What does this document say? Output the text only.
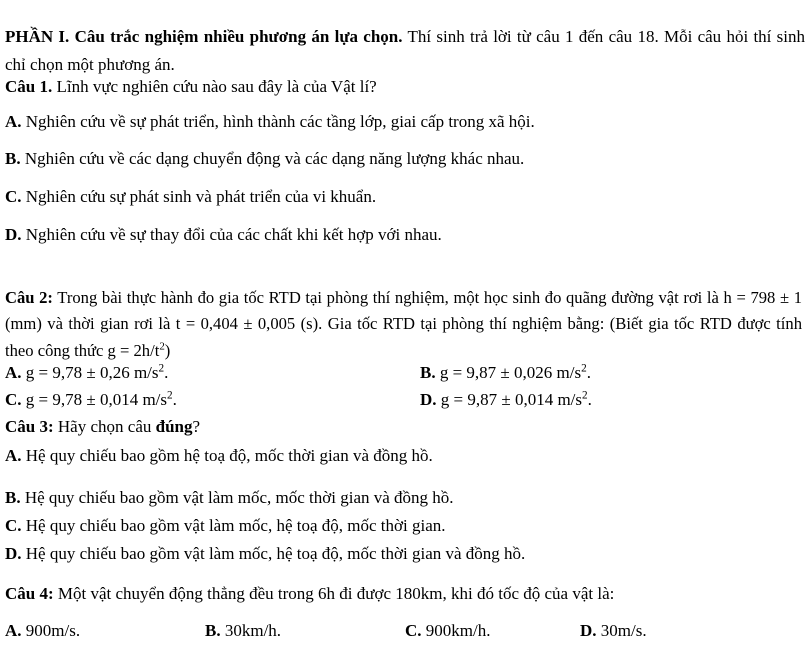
PHẦN I. Câu trắc nghiệm nhiều phương án lựa chọn. Thí sinh trả lời từ câu 1 đến câu 18. Mỗi câu hỏi thí sinh chỉ chọn một phương án.

Câu 1. Lĩnh vực nghiên cứu nào sau đây là của Vật lí?
A. Nghiên cứu về sự phát triển, hình thành các tầng lớp, giai cấp trong xã hội.
B. Nghiên cứu về các dạng chuyển động và các dạng năng lượng khác nhau.
C. Nghiên cứu sự phát sinh và phát triển của vi khuẩn.
D. Nghiên cứu về sự thay đổi của các chất khi kết hợp với nhau.

Câu 2: Trong bài thực hành đo gia tốc RTD tại phòng thí nghiệm, một học sinh đo quãng đường vật rơi là h = 798 ± 1 (mm) và thời gian rơi là t = 0,404 ± 0,005 (s). Gia tốc RTD tại phòng thí nghiệm bằng: (Biết gia tốc RTD được tính theo công thức $g = 2h/t^2$)

A. g = 9,78 ± 0,26 $m/s^2$.	B. g = 9,87 ± 0,026 $m/s^2$.
C. g = 9,78 ± 0,014 $m/s^2$.	D. g = 9,87 ± 0,014 $m/s^2$.
Câu 3: Hãy chọn câu đúng?
A. Hệ quy chiếu bao gồm hệ toạ độ, mốc thời gian và đồng hồ.
B. Hệ quy chiếu bao gồm vật làm mốc, mốc thời gian và đồng hồ.
C. Hệ quy chiếu bao gồm vật làm mốc, hệ toạ độ, mốc thời gian.
D. Hệ quy chiếu bao gồm vật làm mốc, hệ toạ độ, mốc thời gian và đồng hồ.
Câu 4: Một vật chuyển động thẳng đều trong 6h đi được 180km, khi đó tốc độ của vật là:
A. 900m/s.	B. 30km/h.	C. 900km/h.	D. 30m/s.
